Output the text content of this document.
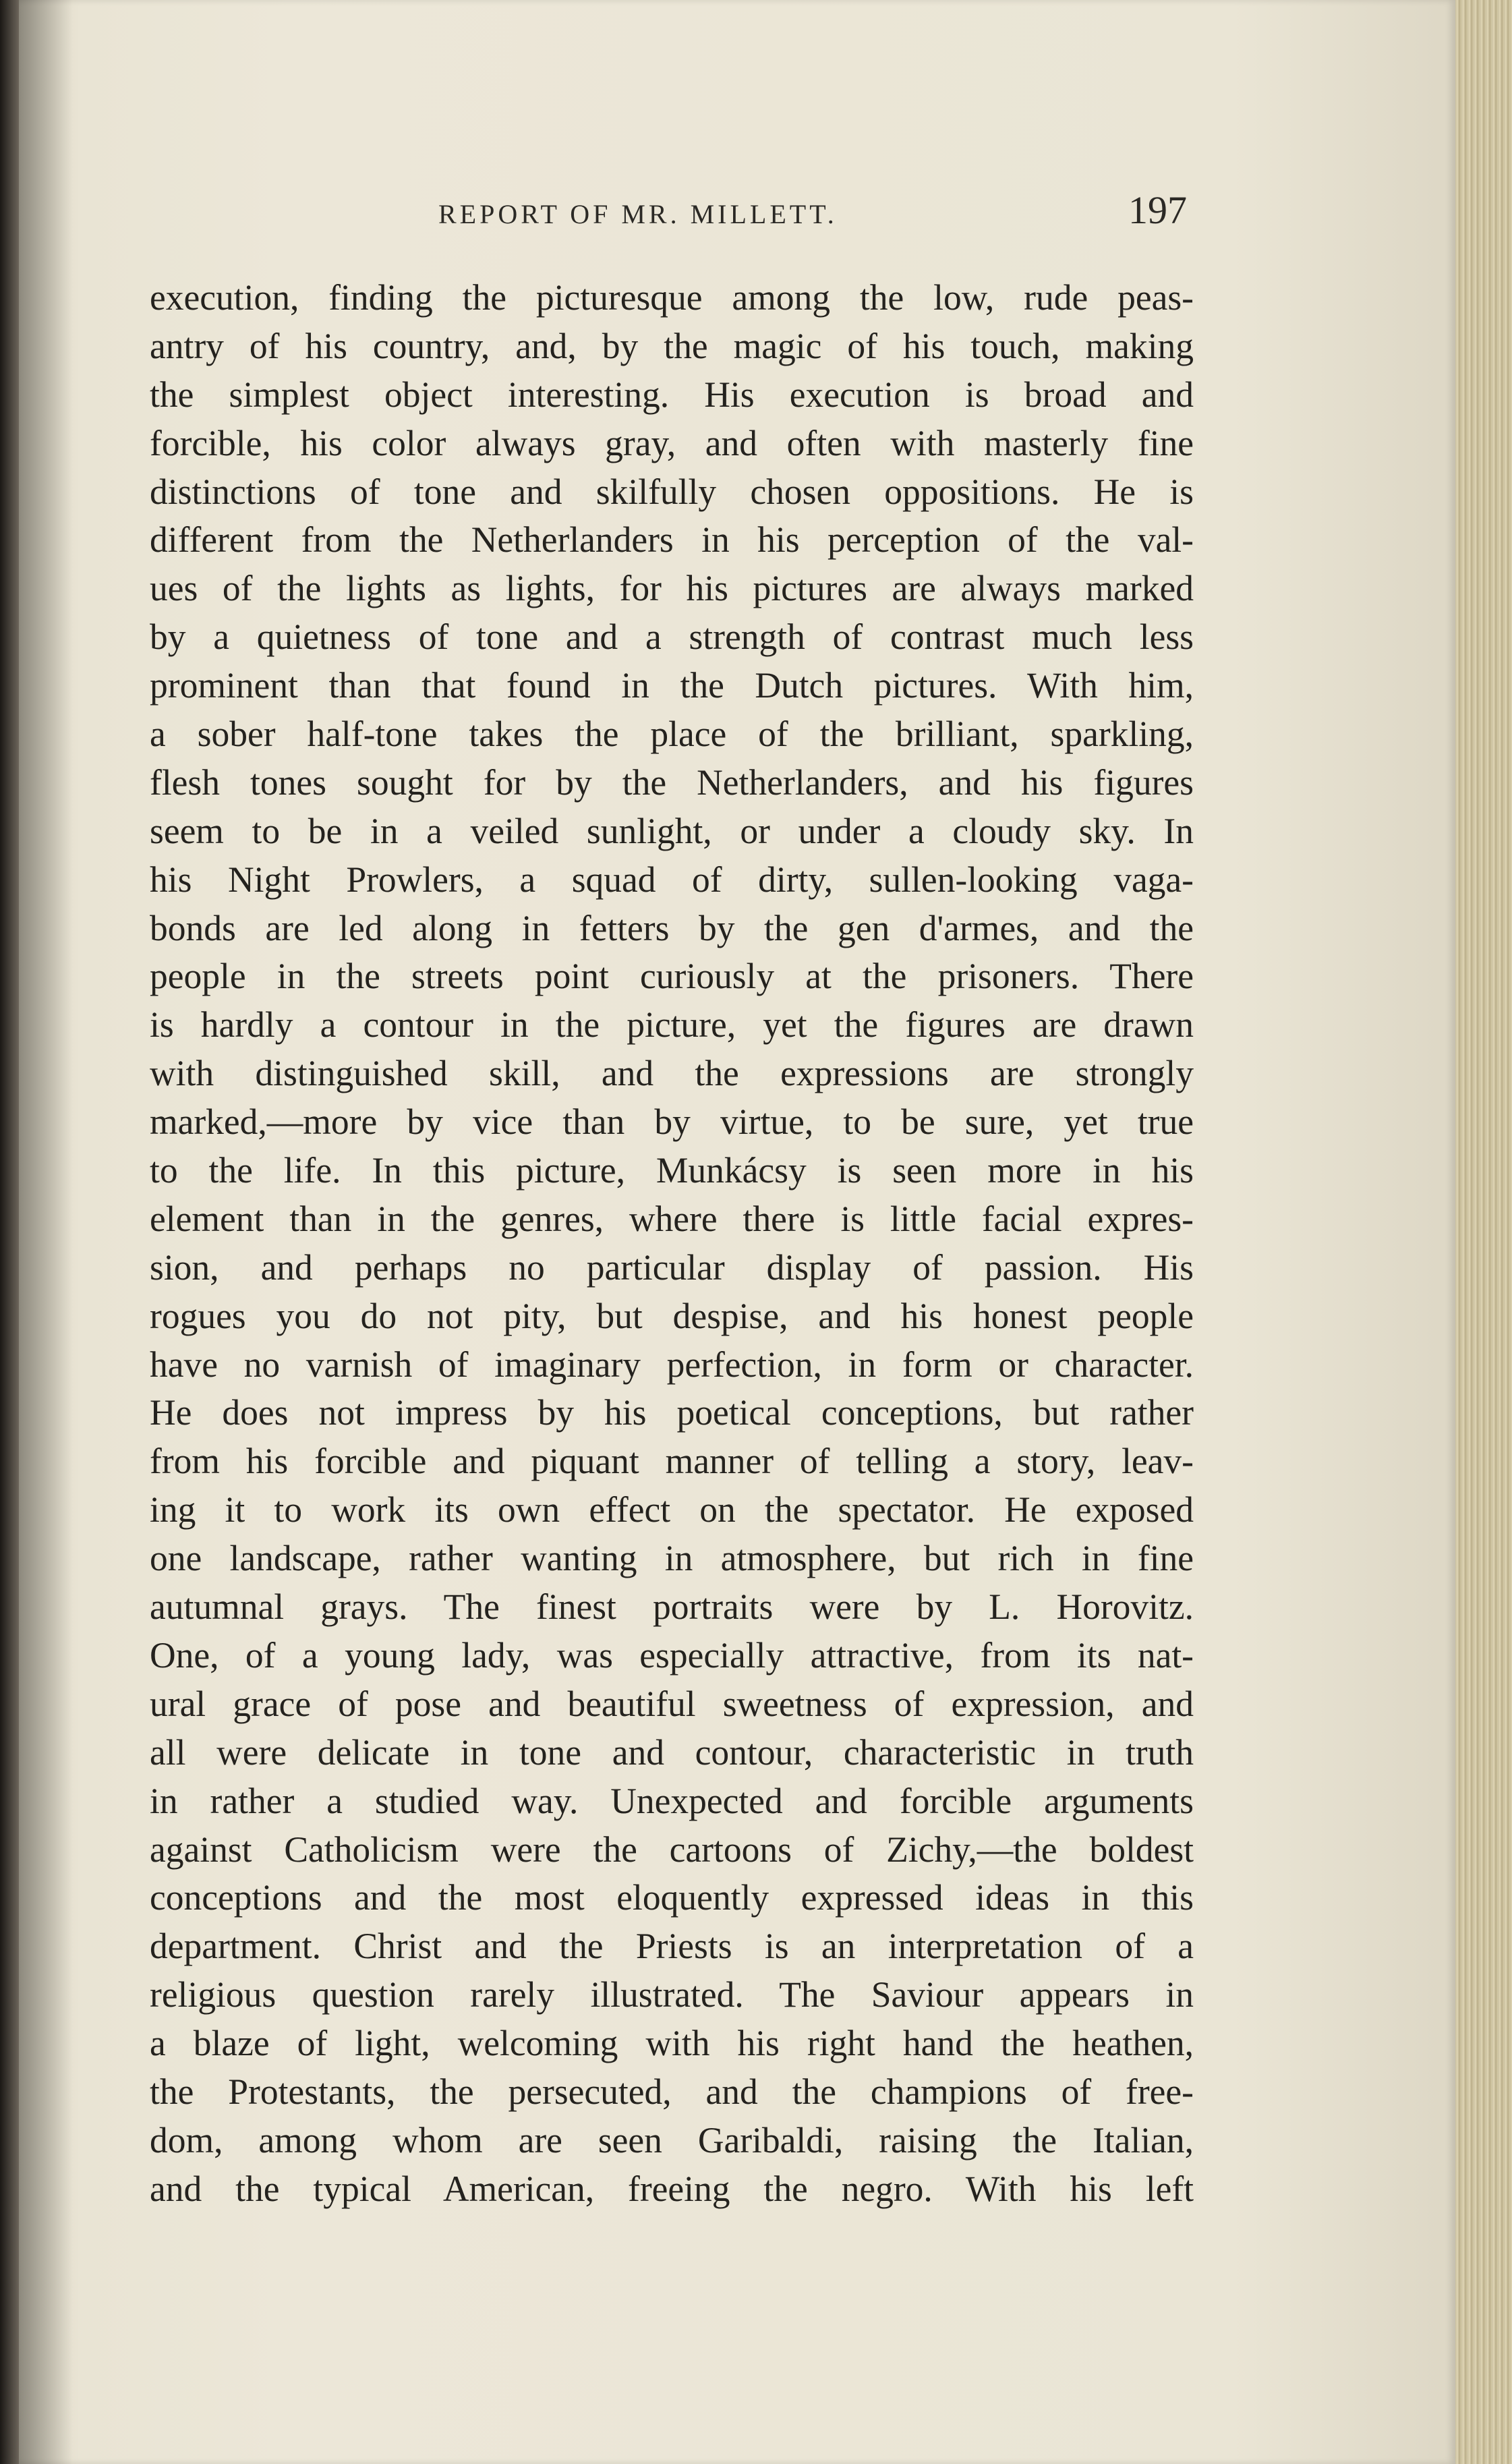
REPORT OF MR. MILLETT.	197
execution, finding the picturesque among the low, rude peas-
antry of his country, and, by the magic of his touch, making
the simplest object interesting. His execution is broad and
forcible, his color always gray, and often with masterly fine
distinctions of tone and skilfully chosen oppositions. He is
different from the Netherlanders in his perception of the val-
ues of the lights as lights, for his pictures are always marked
by a quietness of tone and a strength of contrast much less
prominent than that found in the Dutch pictures. With him,
a sober half-tone takes the place of the brilliant, sparkling,
flesh tones sought for by the Netherlanders, and his figures
seem to be in a veiled sunlight, or under a cloudy sky. In
his Night Prowlers, a squad of dirty, sullen-looking vaga-
bonds are led along in fetters by the gen d'armes, and the
people in the streets point curiously at the prisoners. There
is hardly a contour in the picture, yet the figures are drawn
with distinguished skill, and the expressions are strongly
marked,—more by vice than by virtue, to be sure, yet true
to the life. In this picture, Munkácsy is seen more in his
element than in the genres, where there is little facial expres-
sion, and perhaps no particular display of passion. His
rogues you do not pity, but despise, and his honest people
have no varnish of imaginary perfection, in form or character.
He does not impress by his poetical conceptions, but rather
from his forcible and piquant manner of telling a story, leav-
ing it to work its own effect on the spectator. He exposed
one landscape, rather wanting in atmosphere, but rich in fine
autumnal grays. The finest portraits were by L. Horovitz.
One, of a young lady, was especially attractive, from its nat-
ural grace of pose and beautiful sweetness of expression, and
all were delicate in tone and contour, characteristic in truth
in rather a studied way. Unexpected and forcible arguments
against Catholicism were the cartoons of Zichy,—the boldest
conceptions and the most eloquently expressed ideas in this
department. Christ and the Priests is an interpretation of a
religious question rarely illustrated. The Saviour appears in
a blaze of light, welcoming with his right hand the heathen,
the Protestants, the persecuted, and the champions of free-
dom, among whom are seen Garibaldi, raising the Italian,
and the typical American, freeing the negro. With his left
